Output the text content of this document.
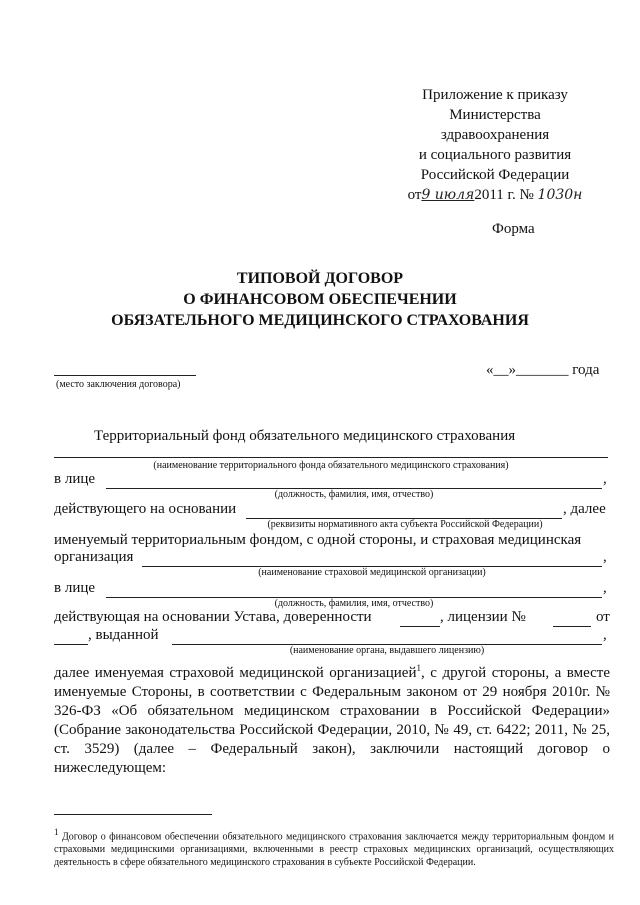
Приложение к приказу
Министерства
здравоохранения
и социального развития
Российской Федерации
от9 июля2011 г. № 1030н
Форма
ТИПОВОЙ ДОГОВОР
О ФИНАНСОВОМ ОБЕСПЕЧЕНИИ
ОБЯЗАТЕЛЬНОГО МЕДИЦИНСКОГО СТРАХОВАНИЯ
(место заключения договора)
«__»_______ года
Территориальный фонд обязательного медицинского страхования
(наименование территориального фонда обязательного медицинского страхования)
в лице	,
(должность, фамилия, имя, отчество)
действующего на основании	, далее
(реквизиты нормативного акта субъекта Российской Федерации)
именуемый территориальным фондом, с одной стороны, и страховая медицинская
организация	,
(наименование страховой медицинской организации)
в лице	,
(должность, фамилия, имя, отчество)
действующая на основании Устава, доверенности	, лицензии №	от
, выданной	,
(наименование органа, выдавшего лицензию)
далее именуемая страховой медицинской организацией$^1$, с другой стороны, а вместе именуемые Стороны, в соответствии с Федеральным законом от 29 ноября 2010г. № 326-ФЗ «Об обязательном медицинском страховании в Российской Федерации» (Собрание законодательства Российской Федерации, 2010, № 49, ст. 6422; 2011, № 25, ст. 3529) (далее – Федеральный закон), заключили настоящий договор о нижеследующем:
$^1$ Договор о финансовом обеспечении обязательного медицинского страхования заключается между территориальным фондом и страховыми медицинскими организациями, включенными в реестр страховых медицинских организаций, осуществляющих деятельность в сфере обязательного медицинского страхования в субъекте Российской Федерации.
